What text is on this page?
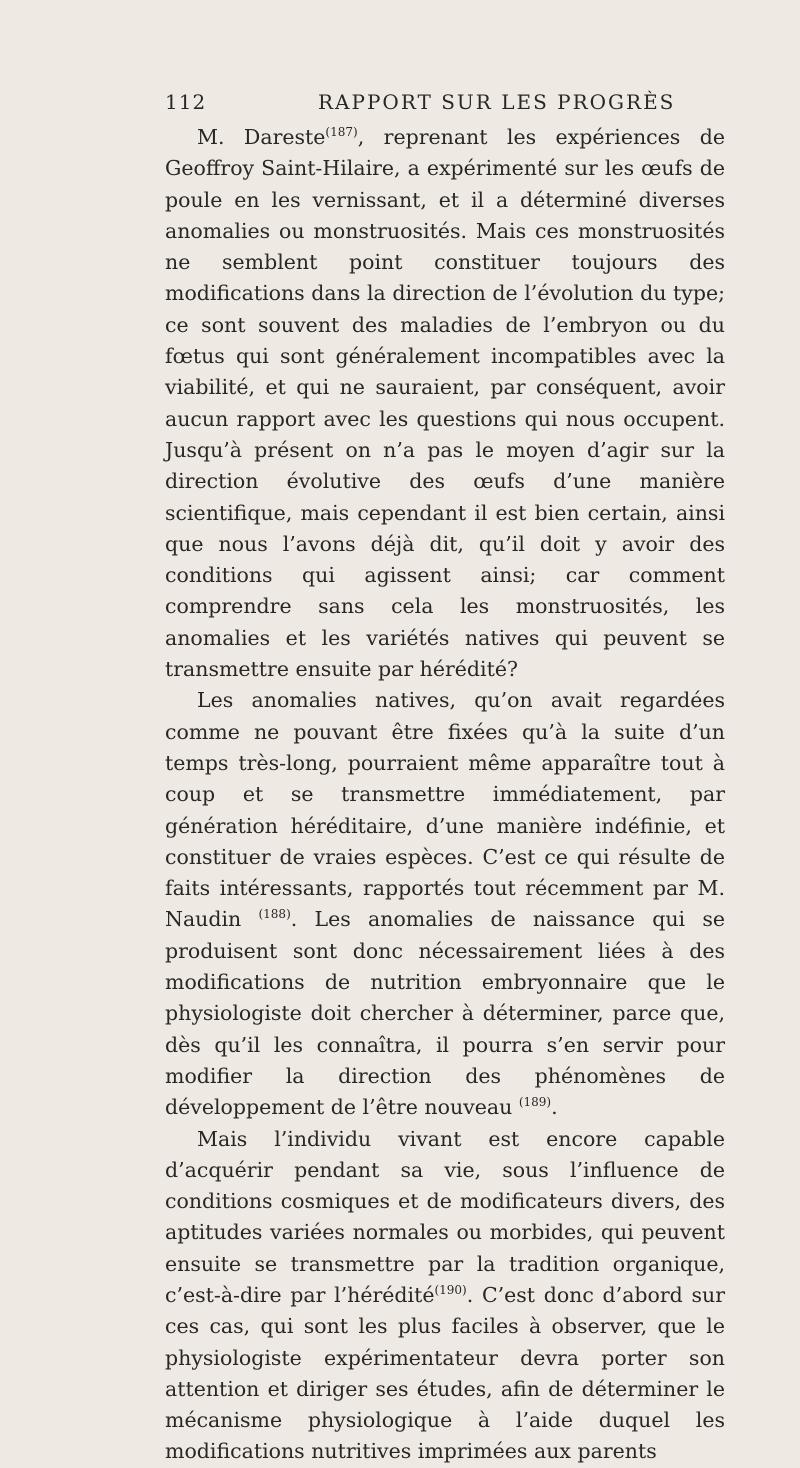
112	RAPPORT SUR LES PROGRÈS

M. Dareste$^{(187)}$, reprenant les expériences de Geoffroy Saint-Hilaire, a expérimenté sur les œufs de poule en les vernissant, et il a déterminé diverses anomalies ou monstruosités. Mais ces monstruosités ne semblent point constituer toujours des modifications dans la direction de l’évolution du type; ce sont souvent des maladies de l’embryon ou du fœtus qui sont généralement incompatibles avec la viabilité, et qui ne sauraient, par conséquent, avoir aucun rapport avec les questions qui nous occupent. Jusqu’à présent on n’a pas le moyen d’agir sur la direction évolutive des œufs d’une manière scientifique, mais cependant il est bien certain, ainsi que nous l’avons déjà dit, qu’il doit y avoir des conditions qui agissent ainsi; car comment comprendre sans cela les monstruosités, les anomalies et les variétés natives qui peuvent se transmettre ensuite par hérédité?

Les anomalies natives, qu’on avait regardées comme ne pouvant être fixées qu’à la suite d’un temps très-long, pourraient même apparaître tout à coup et se transmettre immédiatement, par génération héréditaire, d’une manière indéfinie, et constituer de vraies espèces. C’est ce qui résulte de faits intéressants, rapportés tout récemment par M. Naudin $^{(188)}$. Les anomalies de naissance qui se produisent sont donc nécessairement liées à des modifications de nutrition embryonnaire que le physiologiste doit chercher à déterminer, parce que, dès qu’il les connaîtra, il pourra s’en servir pour modifier la direction des phénomènes de développement de l’être nouveau $^{(189)}$.

Mais l’individu vivant est encore capable d’acquérir pendant sa vie, sous l’influence de conditions cosmiques et de modificateurs divers, des aptitudes variées normales ou morbides, qui peuvent ensuite se transmettre par la tradition organique, c’est-à-dire par l’hérédité$^{(190)}$. C’est donc d’abord sur ces cas, qui sont les plus faciles à observer, que le physiologiste expérimentateur devra porter son attention et diriger ses études, afin de déterminer le mécanisme physiologique à l’aide duquel les modifications nutritives imprimées aux parents
